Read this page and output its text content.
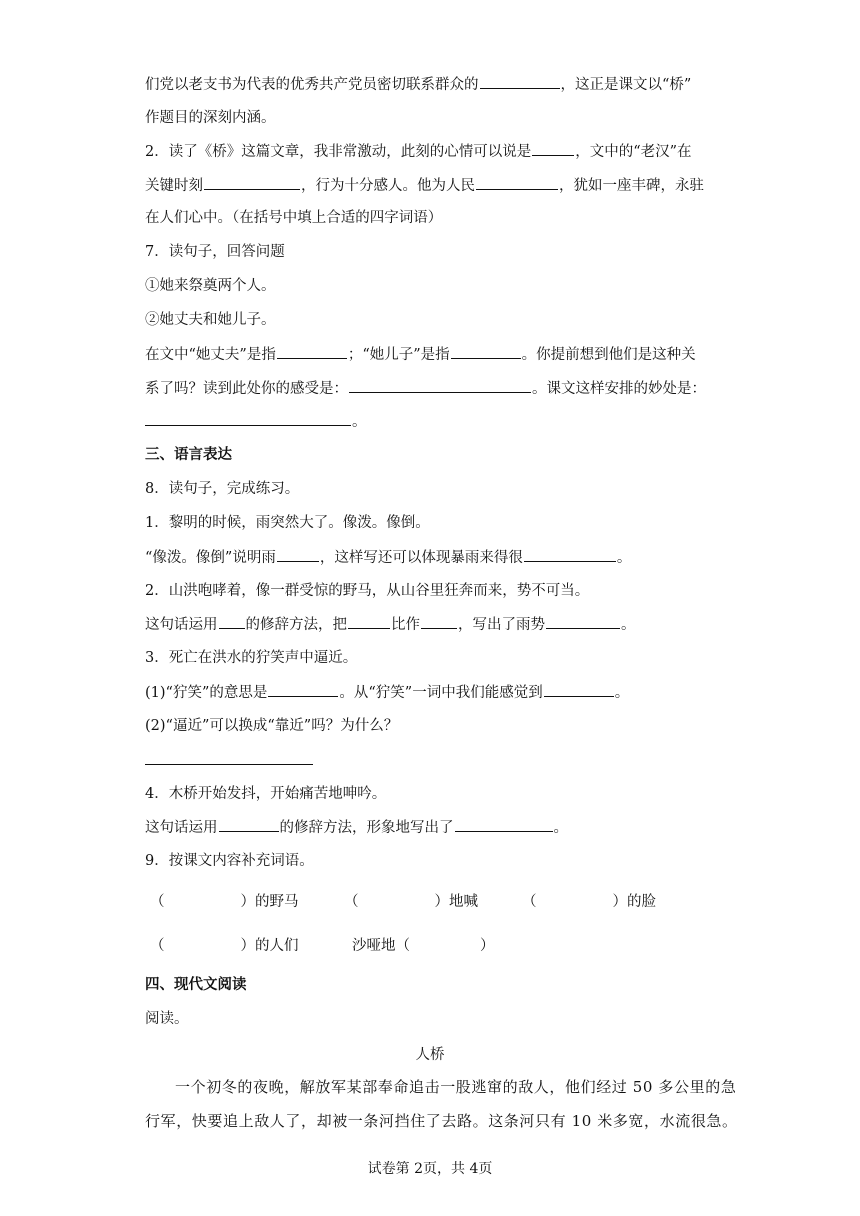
们党以老支书为代表的优秀共产党员密切联系群众的	，这正是课文以“桥”
作题目的深刻内涵。
2．读了《桥》这篇文章，我非常激动，此刻的心情可以说是	，文中的“老汉”在
关键时刻	，行为十分感人。他为人民	，犹如一座丰碑，永驻
在人们心中。（在括号中填上合适的四字词语）
7．读句子，回答问题
①她来祭奠两个人。
②她丈夫和她儿子。
在文中“她丈夫”是指	；“她儿子”是指	。你提前想到他们是这种关
系了吗？读到此处你的感受是：	。课文这样安排的妙处是：
。
三、语言表达
8．读句子，完成练习。
1．黎明的时候，雨突然大了。像泼。像倒。
“像泼。像倒”说明雨	，这样写还可以体现暴雨来得很	。
2．山洪咆哮着，像一群受惊的野马，从山谷里狂奔而来，势不可当。
这句话运用 的修辞方法，把	比作	，写出了雨势	。
3．死亡在洪水的狞笑声中逼近。
(1)“狞笑”的意思是	。从“狞笑”一词中我们能感觉到	。
(2)“逼近”可以换成“靠近”吗？为什么？
4．木桥开始发抖，开始痛苦地呻吟。
这句话运用	的修辞方法，形象地写出了	。
9．按课文内容补充词语。
（	）的野马	（	）地喊	（	）的脸
（	）的人们	沙哑地（	）
四、现代文阅读
阅读。
人桥
一个初冬的夜晚，解放军某部奉命追击一股逃窜的敌人，他们经过 50 多公里的急
行军，快要追上敌人了，却被一条河挡住了去路。这条河只有 10 米多宽，水流很急。
试卷第 2页，共 4页
